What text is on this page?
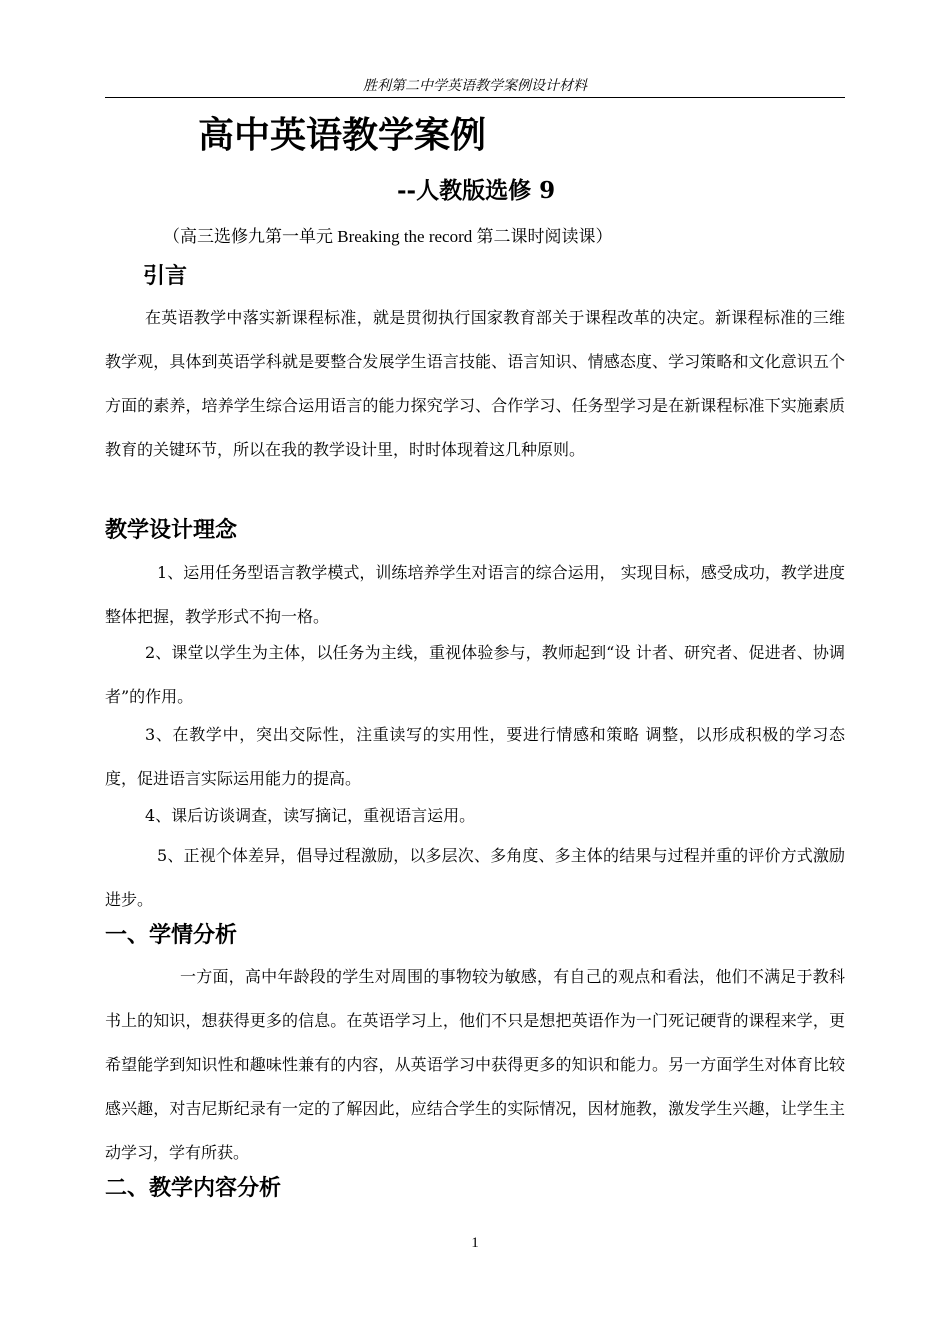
胜利第二中学英语教学案例设计材料
高中英语教学案例
--人教版选修 9
（高三选修九第一单元 Breaking the record 第二课时阅读课）
引言

在英语教学中落实新课程标准，就是贯彻执行国家教育部关于课程改革的决定。新课程标准的三维教学观，具体到英语学科就是要整合发展学生语言技能、语言知识、情感态度、学习策略和文化意识五个方面的素养，培养学生综合运用语言的能力探究学习、合作学习、任务型学习是在新课程标准下实施素质教育的关键环节，所以在我的教学设计里，时时体现着这几种原则。

教学设计理念

1、运用任务型语言教学模式，训练培养学生对语言的综合运用， 实现目标，感受成功，教学进度整体把握，教学形式不拘一格。

2、课堂以学生为主体，以任务为主线，重视体验参与，教师起到“设 计者、研究者、促进者、协调者”的作用。

3、在教学中，突出交际性，注重读写的实用性，要进行情感和策略 调整，以形成积极的学习态度，促进语言实际运用能力的提高。

4、课后访谈调查，读写摘记，重视语言运用。

5、正视个体差异，倡导过程激励，以多层次、多角度、多主体的结果与过程并重的评价方式激励进步。

一、学情分析

一方面，高中年龄段的学生对周围的事物较为敏感，有自己的观点和看法，他们不满足于教科书上的知识，想获得更多的信息。在英语学习上，他们不只是想把英语作为一门死记硬背的课程来学，更希望能学到知识性和趣味性兼有的内容，从英语学习中获得更多的知识和能力。另一方面学生对体育比较感兴趣，对吉尼斯纪录有一定的了解因此，应结合学生的实际情况，因材施教，激发学生兴趣，让学生主动学习，学有所获。

二、教学内容分析
1
